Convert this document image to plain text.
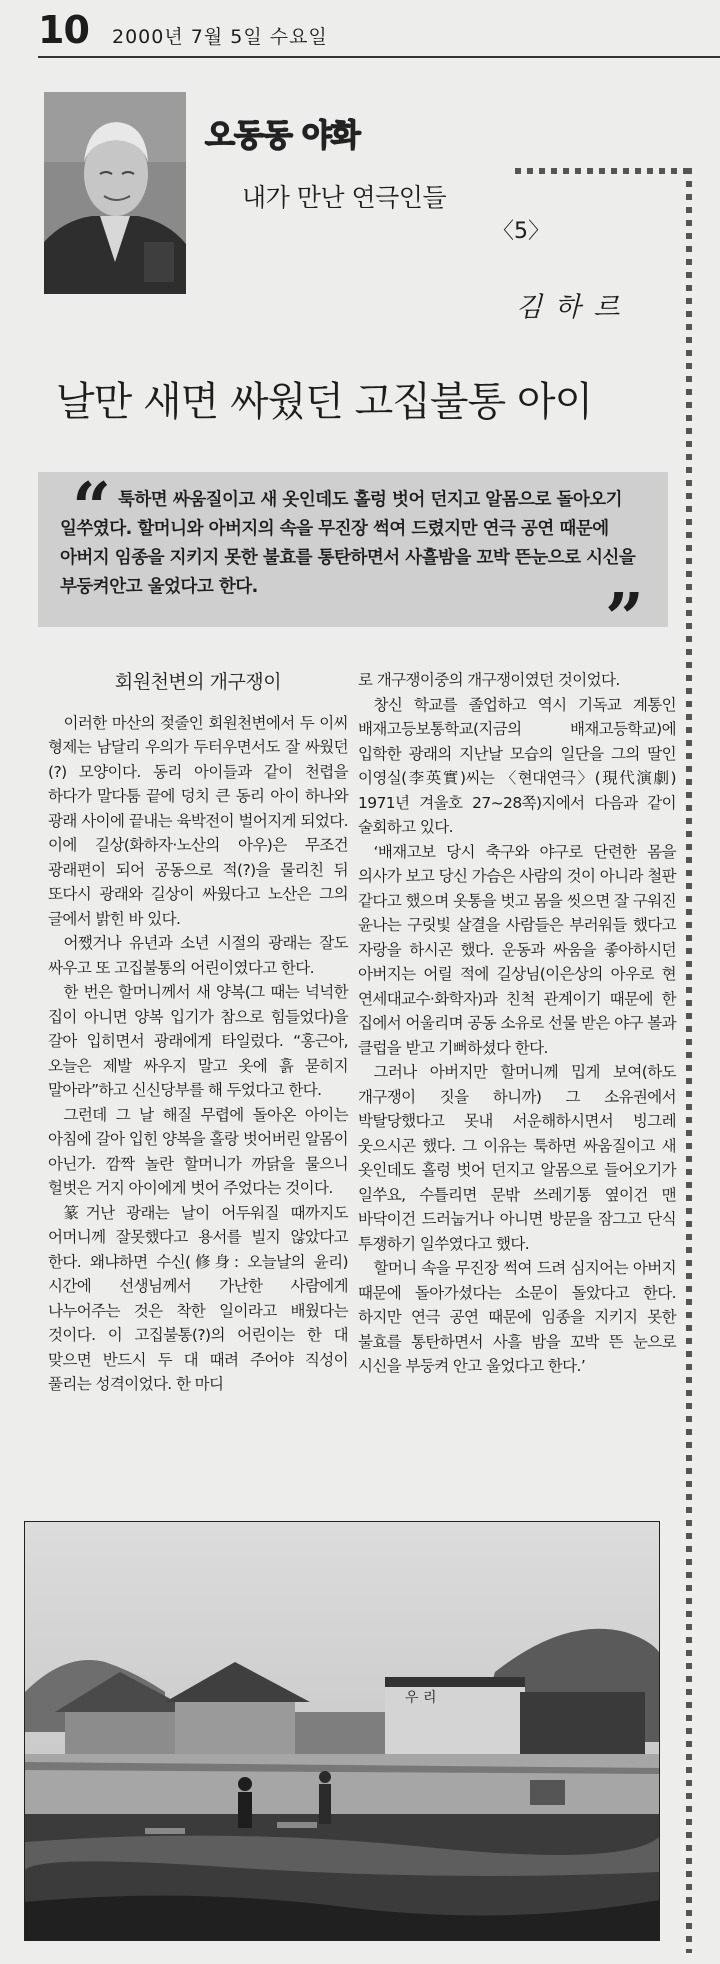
10 2000년 7월 5일 수요일
오동동 야화
내가 만난 연극인들
〈5〉
김 하 르
날만 새면 싸웠던 고집불통 아이
“ 툭하면 싸움질이고 새 옷인데도 홀렁 벗어 던지고 알몸으로 돌아오기 일쑤였다. 할머니와 아버지의 속을 무진장 썩여 드렸지만 연극 공연 때문에 아버지 임종을 지키지 못한 불효를 통탄하면서 사흘밤을 꼬박 뜬눈으로 시신을 부둥켜안고 울었다고 한다.	”
회원천변의 개구쟁이

이러한 마산의 젖줄인 회원천변에서 두 이씨 형제는 남달리 우의가 두터우면서도 잘 싸웠던(?) 모양이다. 동리 아이들과 같이 천렵을 하다가 말다툼 끝에 덩치 큰 동리 아이 하나와 광래 사이에 끝내는 육박전이 벌어지게 되었다. 이에 길상(화하자·노산의 아우)은 무조건 광래편이 되어 공동으로 적(?)을 물리친 뒤 또다시 광래와 길상이 싸웠다고 노산은 그의 글에서 밝힌 바 있다.

어쨌거나 유년과 소년 시절의 광래는 잘도 싸우고 또 고집불통의 어린이였다고 한다.

한 번은 할머니께서 새 양복(그 때는 넉넉한 집이 아니면 양복 입기가 참으로 힘들었다)을 갈아 입히면서 광래에게 타일렀다. “홍근아, 오늘은 제발 싸우지 말고 옷에 흙 묻히지 말아라”하고 신신당부를 해 두었다고 한다.

그런데 그 날 해질 무렵에 돌아온 아이는 아침에 갈아 입힌 양복을 홀랑 벗어버린 알몸이 아닌가. 깜짝 놀란 할머니가 까닭을 물으니 헐벗은 거지 아이에게 벗어 주었다는 것이다.

篆거난 광래는 날이 어두워질 때까지도 어머니께 잘못했다고 용서를 빌지 않았다고 한다. 왜냐하면 수신(修身: 오늘날의 윤리) 시간에 선생님께서 가난한 사람에게 나누어주는 것은 착한 일이라고 배웠다는 것이다. 이 고집불통(?)의 어린이는 한 대 맞으면 반드시 두 대 때려 주어야 직성이 풀리는 성격이었다. 한 마디

로 개구쟁이중의 개구쟁이였던 것이었다.

창신 학교를 졸업하고 역시 기독교 계통인 배재고등보통학교(지금의 배재고등학교)에 입학한 광래의 지난날 모습의 일단을 그의 딸인 이영실(李英實)씨는 〈현대연극〉(現代演劇) 1971년 겨울호 27~28쪽)지에서 다음과 같이 술회하고 있다.

‘배재고보 당시 축구와 야구로 단련한 몸을 의사가 보고 당신 가슴은 사람의 것이 아니라 철판 같다고 했으며 옷통을 벗고 몸을 씻으면 잘 구워진 윤나는 구릿빛 살결을 사람들은 부러워들 했다고 자랑을 하시곤 했다. 운동과 싸움을 좋아하시던 아버지는 어릴 적에 길상님(이은상의 아우로 현 연세대교수·화학자)과 친척 관계이기 때문에 한 집에서 어울리며 공동 소유로 선물 받은 야구 볼과 클럽을 받고 기뻐하셨다 한다.

그러나 아버지만 할머니께 밉게 보여(하도 개구쟁이 짓을 하니까) 그 소유권에서 박탈당했다고 못내 서운해하시면서 빙그레 웃으시곤 했다. 그 이유는 툭하면 싸움질이고 새 옷인데도 홀렁 벗어 던지고 알몸으로 들어오기가 일쑤요, 수틀리면 문밖 쓰레기통 옆이건 맨 바닥이건 드러눕거나 아니면 방문을 잠그고 단식 투쟁하기 일쑤였다고 했다.

할머니 속을 무진장 썩여 드려 심지어는 아버지 때문에 돌아가셨다는 소문이 돌았다고 한다. 하지만 연극 공연 때문에 임종을 지키지 못한 불효를 통탄하면서 사흘 밤을 꼬박 뜬 눈으로 시신을 부둥켜 안고 울었다고 한다.’

우 리
